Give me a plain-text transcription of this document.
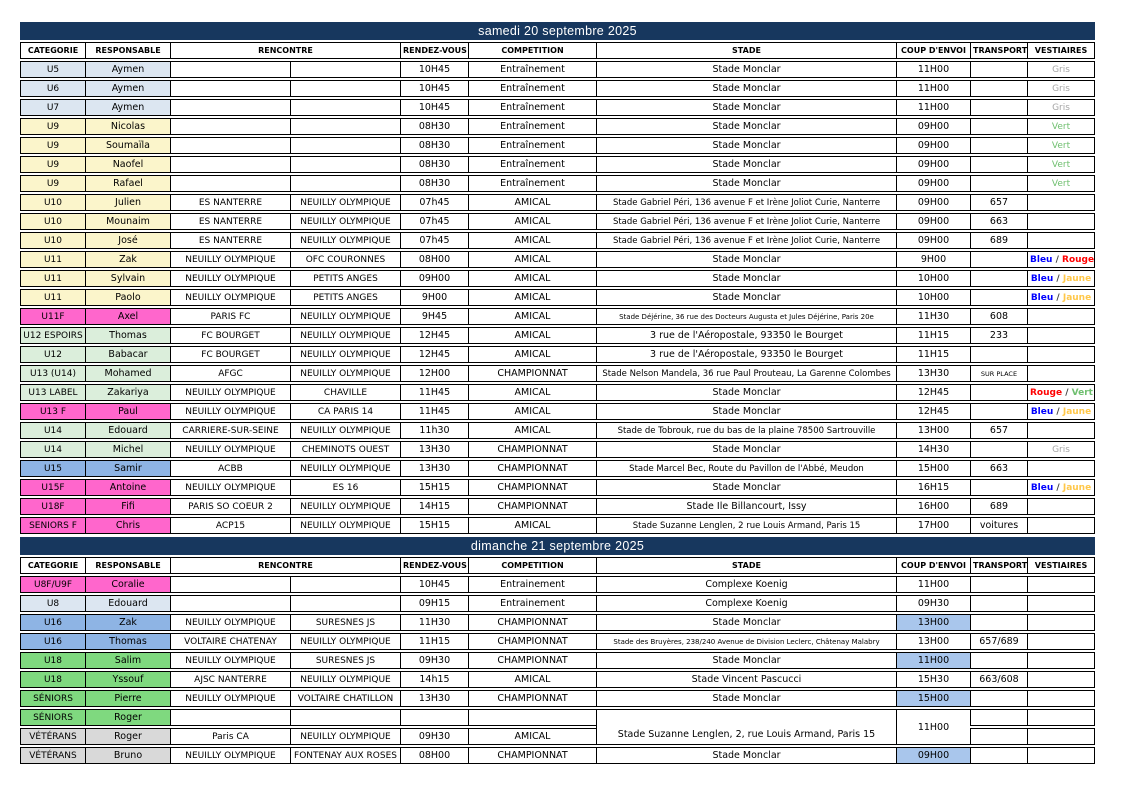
samedi 20 septembre 2025
CATEGORIE	RESPONSABLE	RENCONTRE		RENDEZ-VOUS	COMPETITION	STADE	COUP D'ENVOI	TRANSPORT	VESTIAIRES
U5	Aymen			10H45	Entraînement	Stade Monclar	11H00		Gris
U6	Aymen			10H45	Entraînement	Stade Monclar	11H00		Gris
U7	Aymen			10H45	Entraînement	Stade Monclar	11H00		Gris
U9	Nicolas			08H30	Entraînement	Stade Monclar	09H00		Vert
U9	Soumaïla			08H30	Entraînement	Stade Monclar	09H00		Vert
U9	Naofel			08H30	Entraînement	Stade Monclar	09H00		Vert
U9	Rafael			08H30	Entraînement	Stade Monclar	09H00		Vert
U10	Julien	ES NANTERRE	NEUILLY OLYMPIQUE	07h45	AMICAL	Stade Gabriel Péri, 136 avenue F et Irène Joliot Curie, Nanterre	09H00	657	
U10	Mounaim	ES NANTERRE	NEUILLY OLYMPIQUE	07h45	AMICAL	Stade Gabriel Péri, 136 avenue F et Irène Joliot Curie, Nanterre	09H00	663	
U10	José	ES NANTERRE	NEUILLY OLYMPIQUE	07h45	AMICAL	Stade Gabriel Péri, 136 avenue F et Irène Joliot Curie, Nanterre	09H00	689	
U11	Zak	NEUILLY OLYMPIQUE	OFC COURONNES	08H00	AMICAL	Stade Monclar	9H00		Bleu / Rouge
U11	Sylvain	NEUILLY OLYMPIQUE	PETITS ANGES	09H00	AMICAL	Stade Monclar	10H00		Bleu / Jaune
U11	Paolo	NEUILLY OLYMPIQUE	PETITS ANGES	9H00	AMICAL	Stade Monclar	10H00		Bleu / Jaune
U11F	Axel	PARIS FC	NEUILLY OLYMPIQUE	9H45	AMICAL	Stade Déjérine, 36 rue des Docteurs Augusta et Jules Déjérine, Paris 20e	11H30	608	
U12 ESPOIRS	Thomas	FC BOURGET	NEUILLY OLYMPIQUE	12H45	AMICAL	3 rue de l'Aéropostale, 93350 le Bourget	11H15	233	
U12	Babacar	FC BOURGET	NEUILLY OLYMPIQUE	12H45	AMICAL	3 rue de l'Aéropostale, 93350 le Bourget	11H15		
U13 (U14)	Mohamed	AFGC	NEUILLY OLYMPIQUE	12H00	CHAMPIONNAT	Stade Nelson Mandela, 36 rue Paul Prouteau, La Garenne Colombes	13H30	SUR PLACE	
U13 LABEL	Zakariya	NEUILLY OLYMPIQUE	CHAVILLE	11H45	AMICAL	Stade Monclar	12H45		Rouge / Vert
U13 F	Paul	NEUILLY OLYMPIQUE	CA PARIS 14	11H45	AMICAL	Stade Monclar	12H45		Bleu / Jaune
U14	Edouard	CARRIERE-SUR-SEINE	NEUILLY OLYMPIQUE	11h30	AMICAL	Stade de Tobrouk, rue du bas de la plaine 78500 Sartrouville	13H00	657	
U14	Michel	NEUILLY OLYMPIQUE	CHEMINOTS OUEST	13H30	CHAMPIONNAT	Stade Monclar	14H30		Gris
U15	Samir	ACBB	NEUILLY OLYMPIQUE	13H30	CHAMPIONNAT	Stade Marcel Bec, Route du Pavillon de l'Abbé, Meudon	15H00	663	
U15F	Antoine	NEUILLY OLYMPIQUE	ES 16	15H15	CHAMPIONNAT	Stade Monclar	16H15		Bleu / Jaune
U18F	Fifi	PARIS SO COEUR 2	NEUILLY OLYMPIQUE	14H15	CHAMPIONNAT	Stade Ile Billancourt, Issy	16H00	689	
SENIORS F	Chris	ACP15	NEUILLY OLYMPIQUE	15H15	AMICAL	Stade Suzanne Lenglen, 2 rue Louis Armand, Paris 15	17H00	voitures	
dimanche 21 septembre 2025
CATEGORIE	RESPONSABLE	RENCONTRE		RENDEZ-VOUS	COMPETITION	STADE	COUP D'ENVOI	TRANSPORT	VESTIAIRES
U8F/U9F	Coralie			10H45	Entrainement	Complexe Koenig	11H00		
U8	Edouard			09H15	Entrainement	Complexe Koenig	09H30		
U16	Zak	NEUILLY OLYMPIQUE	SURESNES JS	11H30	CHAMPIONNAT	Stade Monclar	13H00		
U16	Thomas	VOLTAIRE CHATENAY	NEUILLY OLYMPIQUE	11H15	CHAMPIONNAT	Stade des Bruyères, 238/240 Avenue de Division Leclerc, Châtenay Malabry	13H00	657/689	
U18	Salim	NEUILLY OLYMPIQUE	SURESNES JS	09H30	CHAMPIONNAT	Stade Monclar	11H00		
U18	Yssouf	AJSC NANTERRE	NEUILLY OLYMPIQUE	14h15	AMICAL	Stade Vincent Pascucci	15H30	663/608	
SÉNIORS	Pierre	NEUILLY OLYMPIQUE	VOLTAIRE CHATILLON	13H30	CHAMPIONNAT	Stade Monclar	15H00		
SÉNIORS	Roger					Stade Suzanne Lenglen, 2, rue Louis Armand, Paris 15	11H00		
VÉTÉRANS	Roger	Paris CA	NEUILLY OLYMPIQUE	09H30	AMICAL				
VÉTÉRANS	Bruno	NEUILLY OLYMPIQUE	FONTENAY AUX ROSES	08H00	CHAMPIONNAT	Stade Monclar	09H00		
